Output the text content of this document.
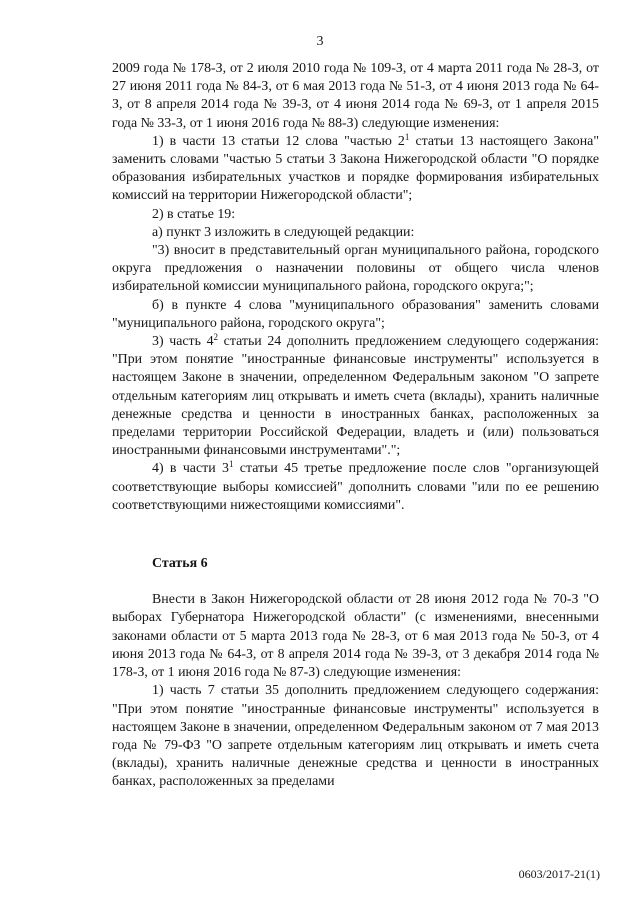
3

2009 года № 178-З, от 2 июля 2010 года № 109-З, от 4 марта 2011 года № 28-З, от 27 июня 2011 года № 84-З, от 6 мая 2013 года № 51-З, от 4 июня 2013 года № 64-З, от 8 апреля 2014 года № 39-З, от 4 июня 2014 года № 69-З, от 1 апреля 2015 года № 33-З, от 1 июня 2016 года № 88-З) следующие изменения:

1) в части 13 статьи 12 слова "частью $2^1$ статьи 13 настоящего Закона" заменить словами "частью 5 статьи 3 Закона Нижегородской области "О порядке образования избирательных участков и порядке формирования избирательных комиссий на территории Нижегородской области";

2) в статье 19:

а) пункт 3 изложить в следующей редакции:

"3) вносит в представительный орган муниципального района, городского округа предложения о назначении половины от общего числа членов избирательной комиссии муниципального района, городского округа;";

б) в пункте 4 слова "муниципального образования" заменить словами "муниципального района, городского округа";

3) часть $4^2$ статьи 24 дополнить предложением следующего содержания: "При этом понятие "иностранные финансовые инструменты" используется в настоящем Законе в значении, определенном Федеральным законом "О запрете отдельным категориям лиц открывать и иметь счета (вклады), хранить наличные денежные средства и ценности в иностранных банках, расположенных за пределами территории Российской Федерации, владеть и (или) пользоваться иностранными финансовыми инструментами".";

4) в части $3^1$ статьи 45 третье предложение после слов "организующей соответствующие выборы комиссией" дополнить словами "или по ее решению соответствующими нижестоящими комиссиями".

Статья 6

Внести в Закон Нижегородской области от 28 июня 2012 года № 70-З "О выборах Губернатора Нижегородской области" (с изменениями, внесенными законами области от 5 марта 2013 года № 28-З, от 6 мая 2013 года № 50-З, от 4 июня 2013 года № 64-З, от 8 апреля 2014 года № 39-З, от 3 декабря 2014 года № 178-З, от 1 июня 2016 года № 87-З) следующие изменения:

1) часть 7 статьи 35 дополнить предложением следующего содержания: "При этом понятие "иностранные финансовые инструменты" используется в настоящем Законе в значении, определенном Федеральным законом от 7 мая 2013 года № 79-ФЗ "О запрете отдельным категориям лиц открывать и иметь счета (вклады), хранить наличные денежные средства и ценности в иностранных банках, расположенных за пределами

0603/2017-21(1)
